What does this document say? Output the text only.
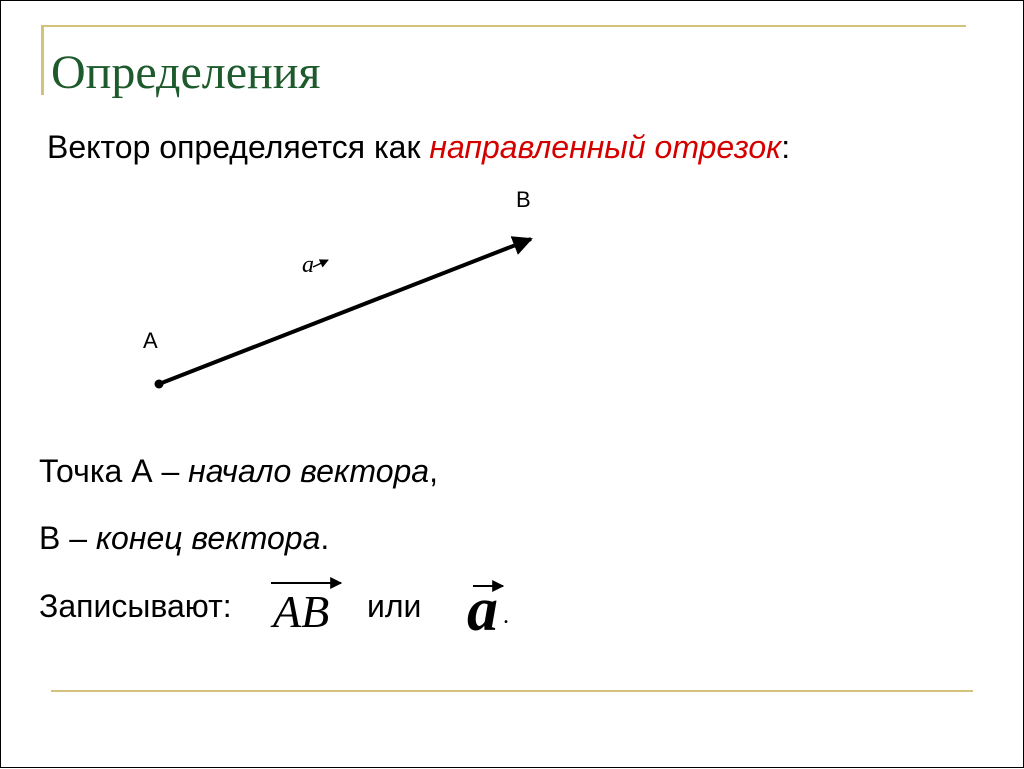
Определения
Вектор определяется как направленный отрезок:
B
A
a
Точка А – начало вектора,
В – конец вектора.
Записывают: AB или a .
